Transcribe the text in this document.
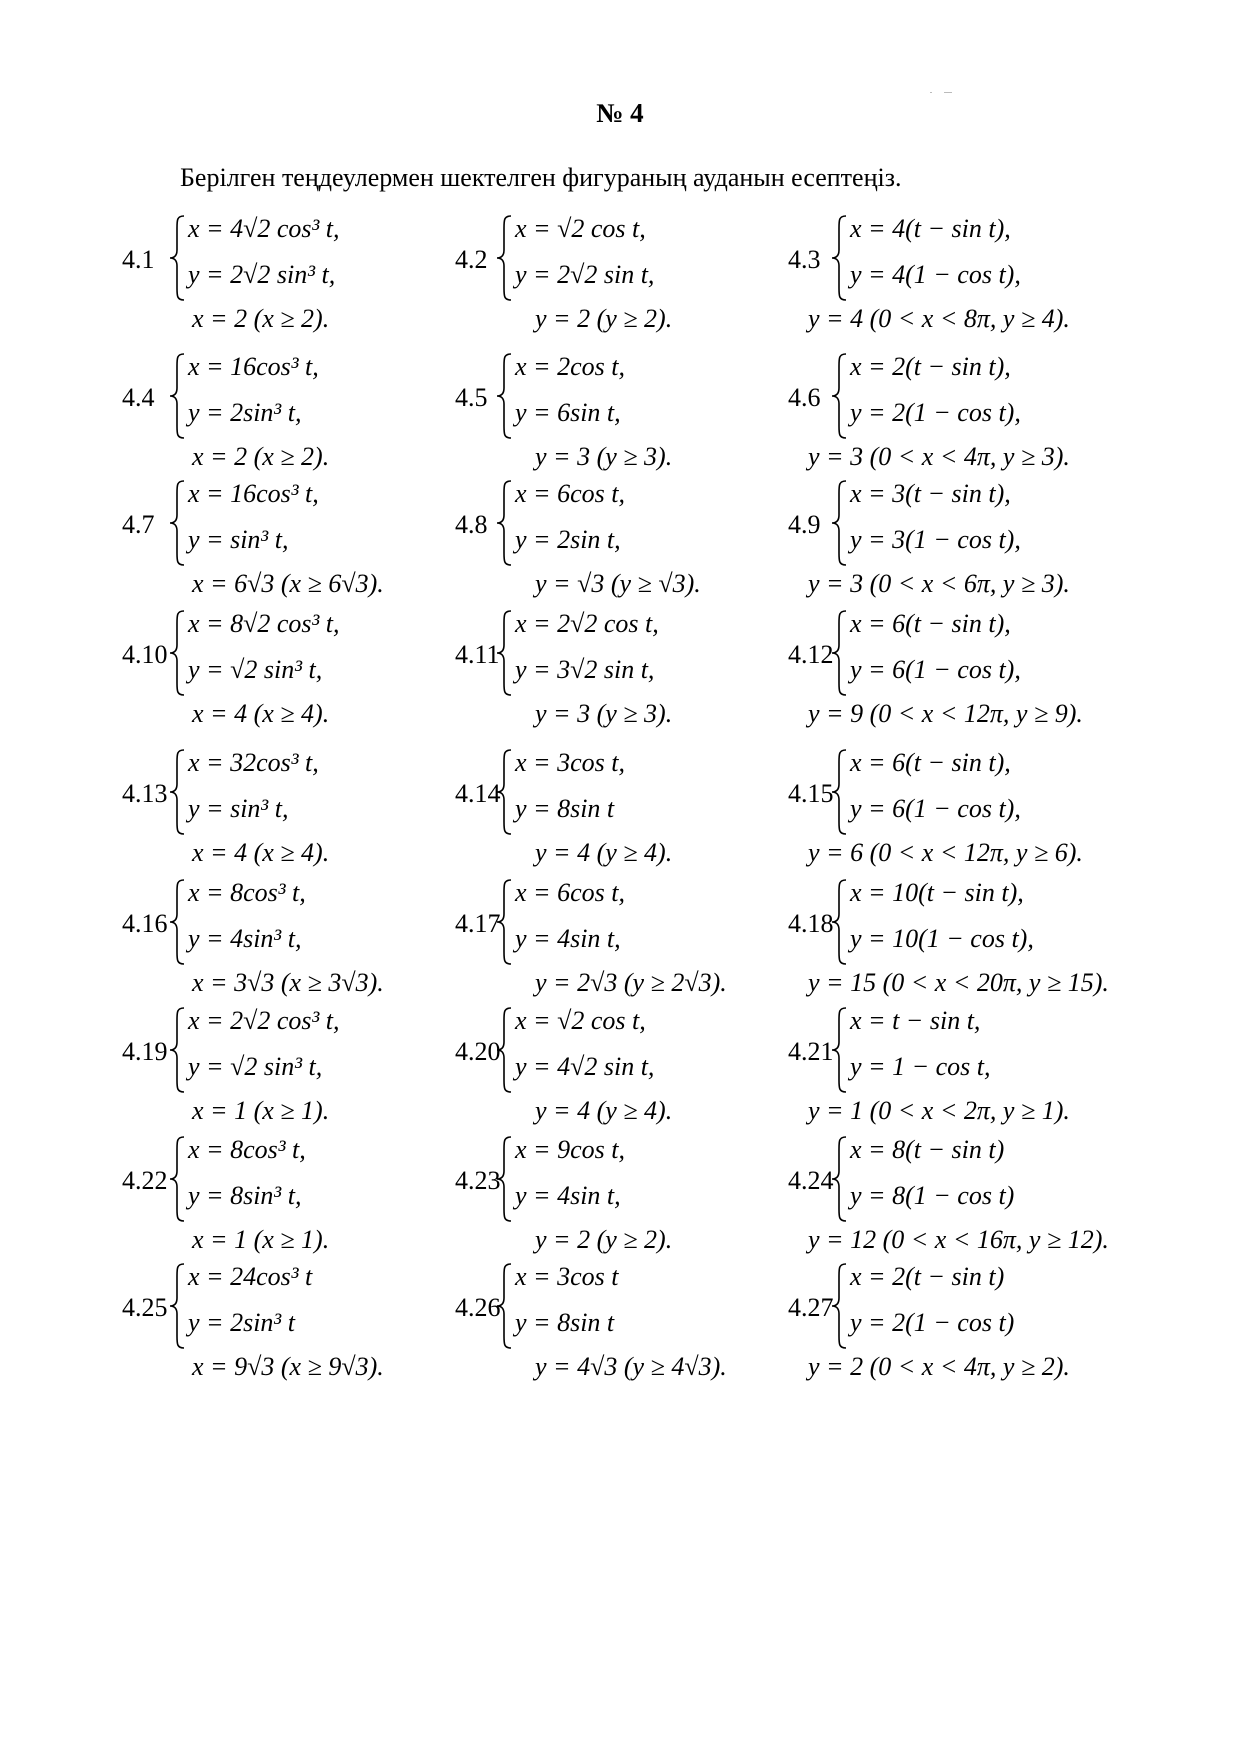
№ 4
Берілген теңдеулермен шектелген фигураның ауданын есептеңіз.
4.1
x = 4√2 cos³ t,
y = 2√2 sin³ t,
x = 2 (x ≥ 2).
4.2
x = √2 cos t,
y = 2√2 sin t,
y = 2 (y ≥ 2).
4.3
x = 4(t − sin t),
y = 4(1 − cos t),
y = 4 (0 < x < 8π, y ≥ 4).
4.4
x = 16cos³ t,
y = 2sin³ t,
x = 2 (x ≥ 2).
4.5
x = 2cos t,
y = 6sin t,
y = 3 (y ≥ 3).
4.6
x = 2(t − sin t),
y = 2(1 − cos t),
y = 3 (0 < x < 4π, y ≥ 3).
4.7
x = 16cos³ t,
y = sin³ t,
x = 6√3 (x ≥ 6√3).
4.8
x = 6cos t,
y = 2sin t,
y = √3 (y ≥ √3).
4.9
x = 3(t − sin t),
y = 3(1 − cos t),
y = 3 (0 < x < 6π, y ≥ 3).
4.10
x = 8√2 cos³ t,
y = √2 sin³ t,
x = 4 (x ≥ 4).
4.11
x = 2√2 cos t,
y = 3√2 sin t,
y = 3 (y ≥ 3).
4.12
x = 6(t − sin t),
y = 6(1 − cos t),
y = 9 (0 < x < 12π, y ≥ 9).
4.13
x = 32cos³ t,
y = sin³ t,
x = 4 (x ≥ 4).
4.14
x = 3cos t,
y = 8sin t
y = 4 (y ≥ 4).
4.15
x = 6(t − sin t),
y = 6(1 − cos t),
y = 6 (0 < x < 12π, y ≥ 6).
4.16
x = 8cos³ t,
y = 4sin³ t,
x = 3√3 (x ≥ 3√3).
4.17
x = 6cos t,
y = 4sin t,
y = 2√3 (y ≥ 2√3).
4.18
x = 10(t − sin t),
y = 10(1 − cos t),
y = 15 (0 < x < 20π, y ≥ 15).
4.19
x = 2√2 cos³ t,
y = √2 sin³ t,
x = 1 (x ≥ 1).
4.20
x = √2 cos t,
y = 4√2 sin t,
y = 4 (y ≥ 4).
4.21
x = t − sin t,
y = 1 − cos t,
y = 1 (0 < x < 2π, y ≥ 1).
4.22
x = 8cos³ t,
y = 8sin³ t,
x = 1 (x ≥ 1).
4.23
x = 9cos t,
y = 4sin t,
y = 2 (y ≥ 2).
4.24
x = 8(t − sin t)
y = 8(1 − cos t)
y = 12 (0 < x < 16π, y ≥ 12).
4.25
x = 24cos³ t
y = 2sin³ t
x = 9√3 (x ≥ 9√3).
4.26
x = 3cos t
y = 8sin t
y = 4√3 (y ≥ 4√3).
4.27
x = 2(t − sin t)
y = 2(1 − cos t)
y = 2 (0 < x < 4π, y ≥ 2).
